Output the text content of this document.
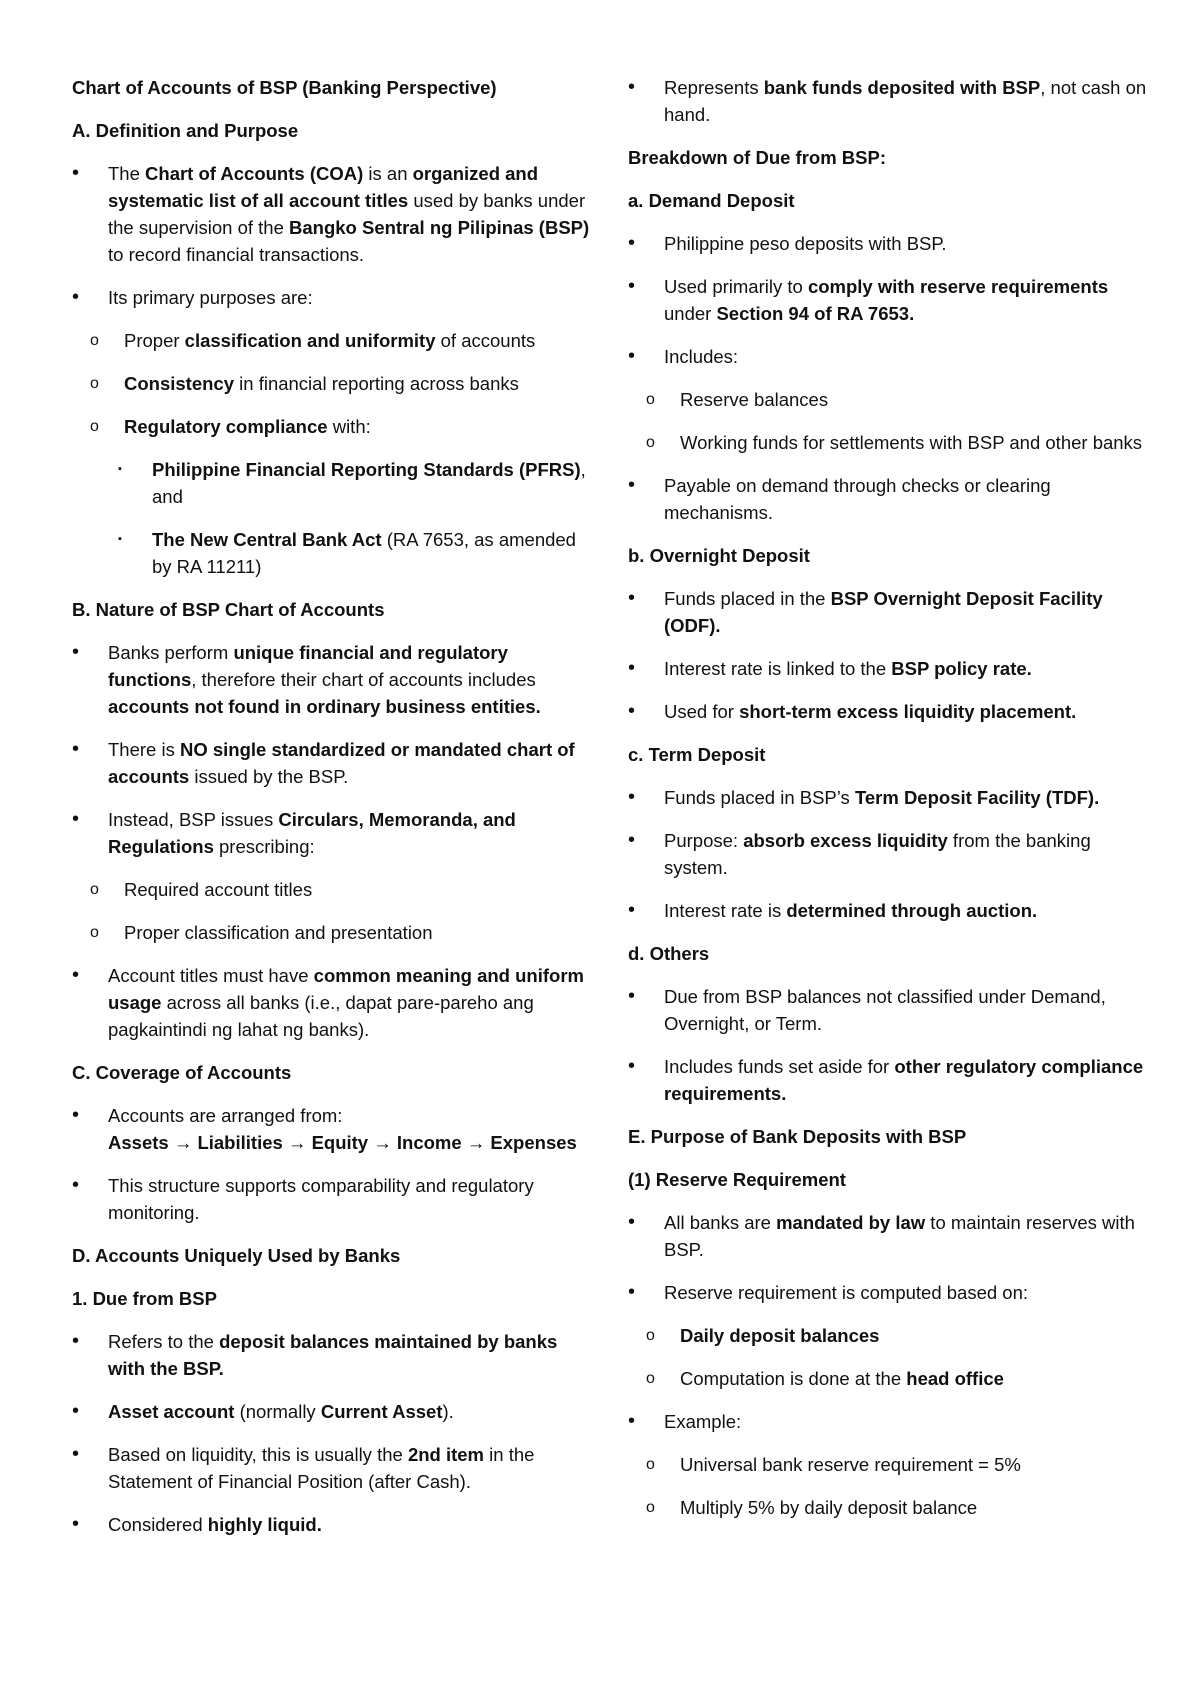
Chart of Accounts of BSP (Banking Perspective)
A. Definition and Purpose
• The Chart of Accounts (COA) is an organized and systematic list of all account titles used by banks under the supervision of the Bangko Sentral ng Pilipinas (BSP) to record financial transactions.
• Its primary purposes are:
o Proper classification and uniformity of accounts
o Consistency in financial reporting across banks
o Regulatory compliance with:
▪ Philippine Financial Reporting Standards (PFRS), and
▪ The New Central Bank Act (RA 7653, as amended by RA 11211)
B. Nature of BSP Chart of Accounts
• Banks perform unique financial and regulatory functions, therefore their chart of accounts includes accounts not found in ordinary business entities.
• There is NO single standardized or mandated chart of accounts issued by the BSP.
• Instead, BSP issues Circulars, Memoranda, and Regulations prescribing:
o Required account titles
o Proper classification and presentation
• Account titles must have common meaning and uniform usage across all banks (i.e., dapat pare-pareho ang pagkaintindi ng lahat ng banks).
C. Coverage of Accounts
• Accounts are arranged from:
Assets → Liabilities → Equity → Income → Expenses
• This structure supports comparability and regulatory monitoring.
D. Accounts Uniquely Used by Banks
1. Due from BSP
• Refers to the deposit balances maintained by banks with the BSP.
• Asset account (normally Current Asset).
• Based on liquidity, this is usually the 2nd item in the Statement of Financial Position (after Cash).
• Considered highly liquid.
• Represents bank funds deposited with BSP, not cash on hand.
Breakdown of Due from BSP:
a. Demand Deposit
• Philippine peso deposits with BSP.
• Used primarily to comply with reserve requirements under Section 94 of RA 7653.
• Includes:
o Reserve balances
o Working funds for settlements with BSP and other banks
• Payable on demand through checks or clearing mechanisms.
b. Overnight Deposit
• Funds placed in the BSP Overnight Deposit Facility (ODF).
• Interest rate is linked to the BSP policy rate.
• Used for short-term excess liquidity placement.
c. Term Deposit
• Funds placed in BSP’s Term Deposit Facility (TDF).
• Purpose: absorb excess liquidity from the banking system.
• Interest rate is determined through auction.
d. Others
• Due from BSP balances not classified under Demand, Overnight, or Term.
• Includes funds set aside for other regulatory compliance requirements.
E. Purpose of Bank Deposits with BSP
(1) Reserve Requirement
• All banks are mandated by law to maintain reserves with BSP.
• Reserve requirement is computed based on:
o Daily deposit balances
o Computation is done at the head office
• Example:
o Universal bank reserve requirement = 5%
o Multiply 5% by daily deposit balance
